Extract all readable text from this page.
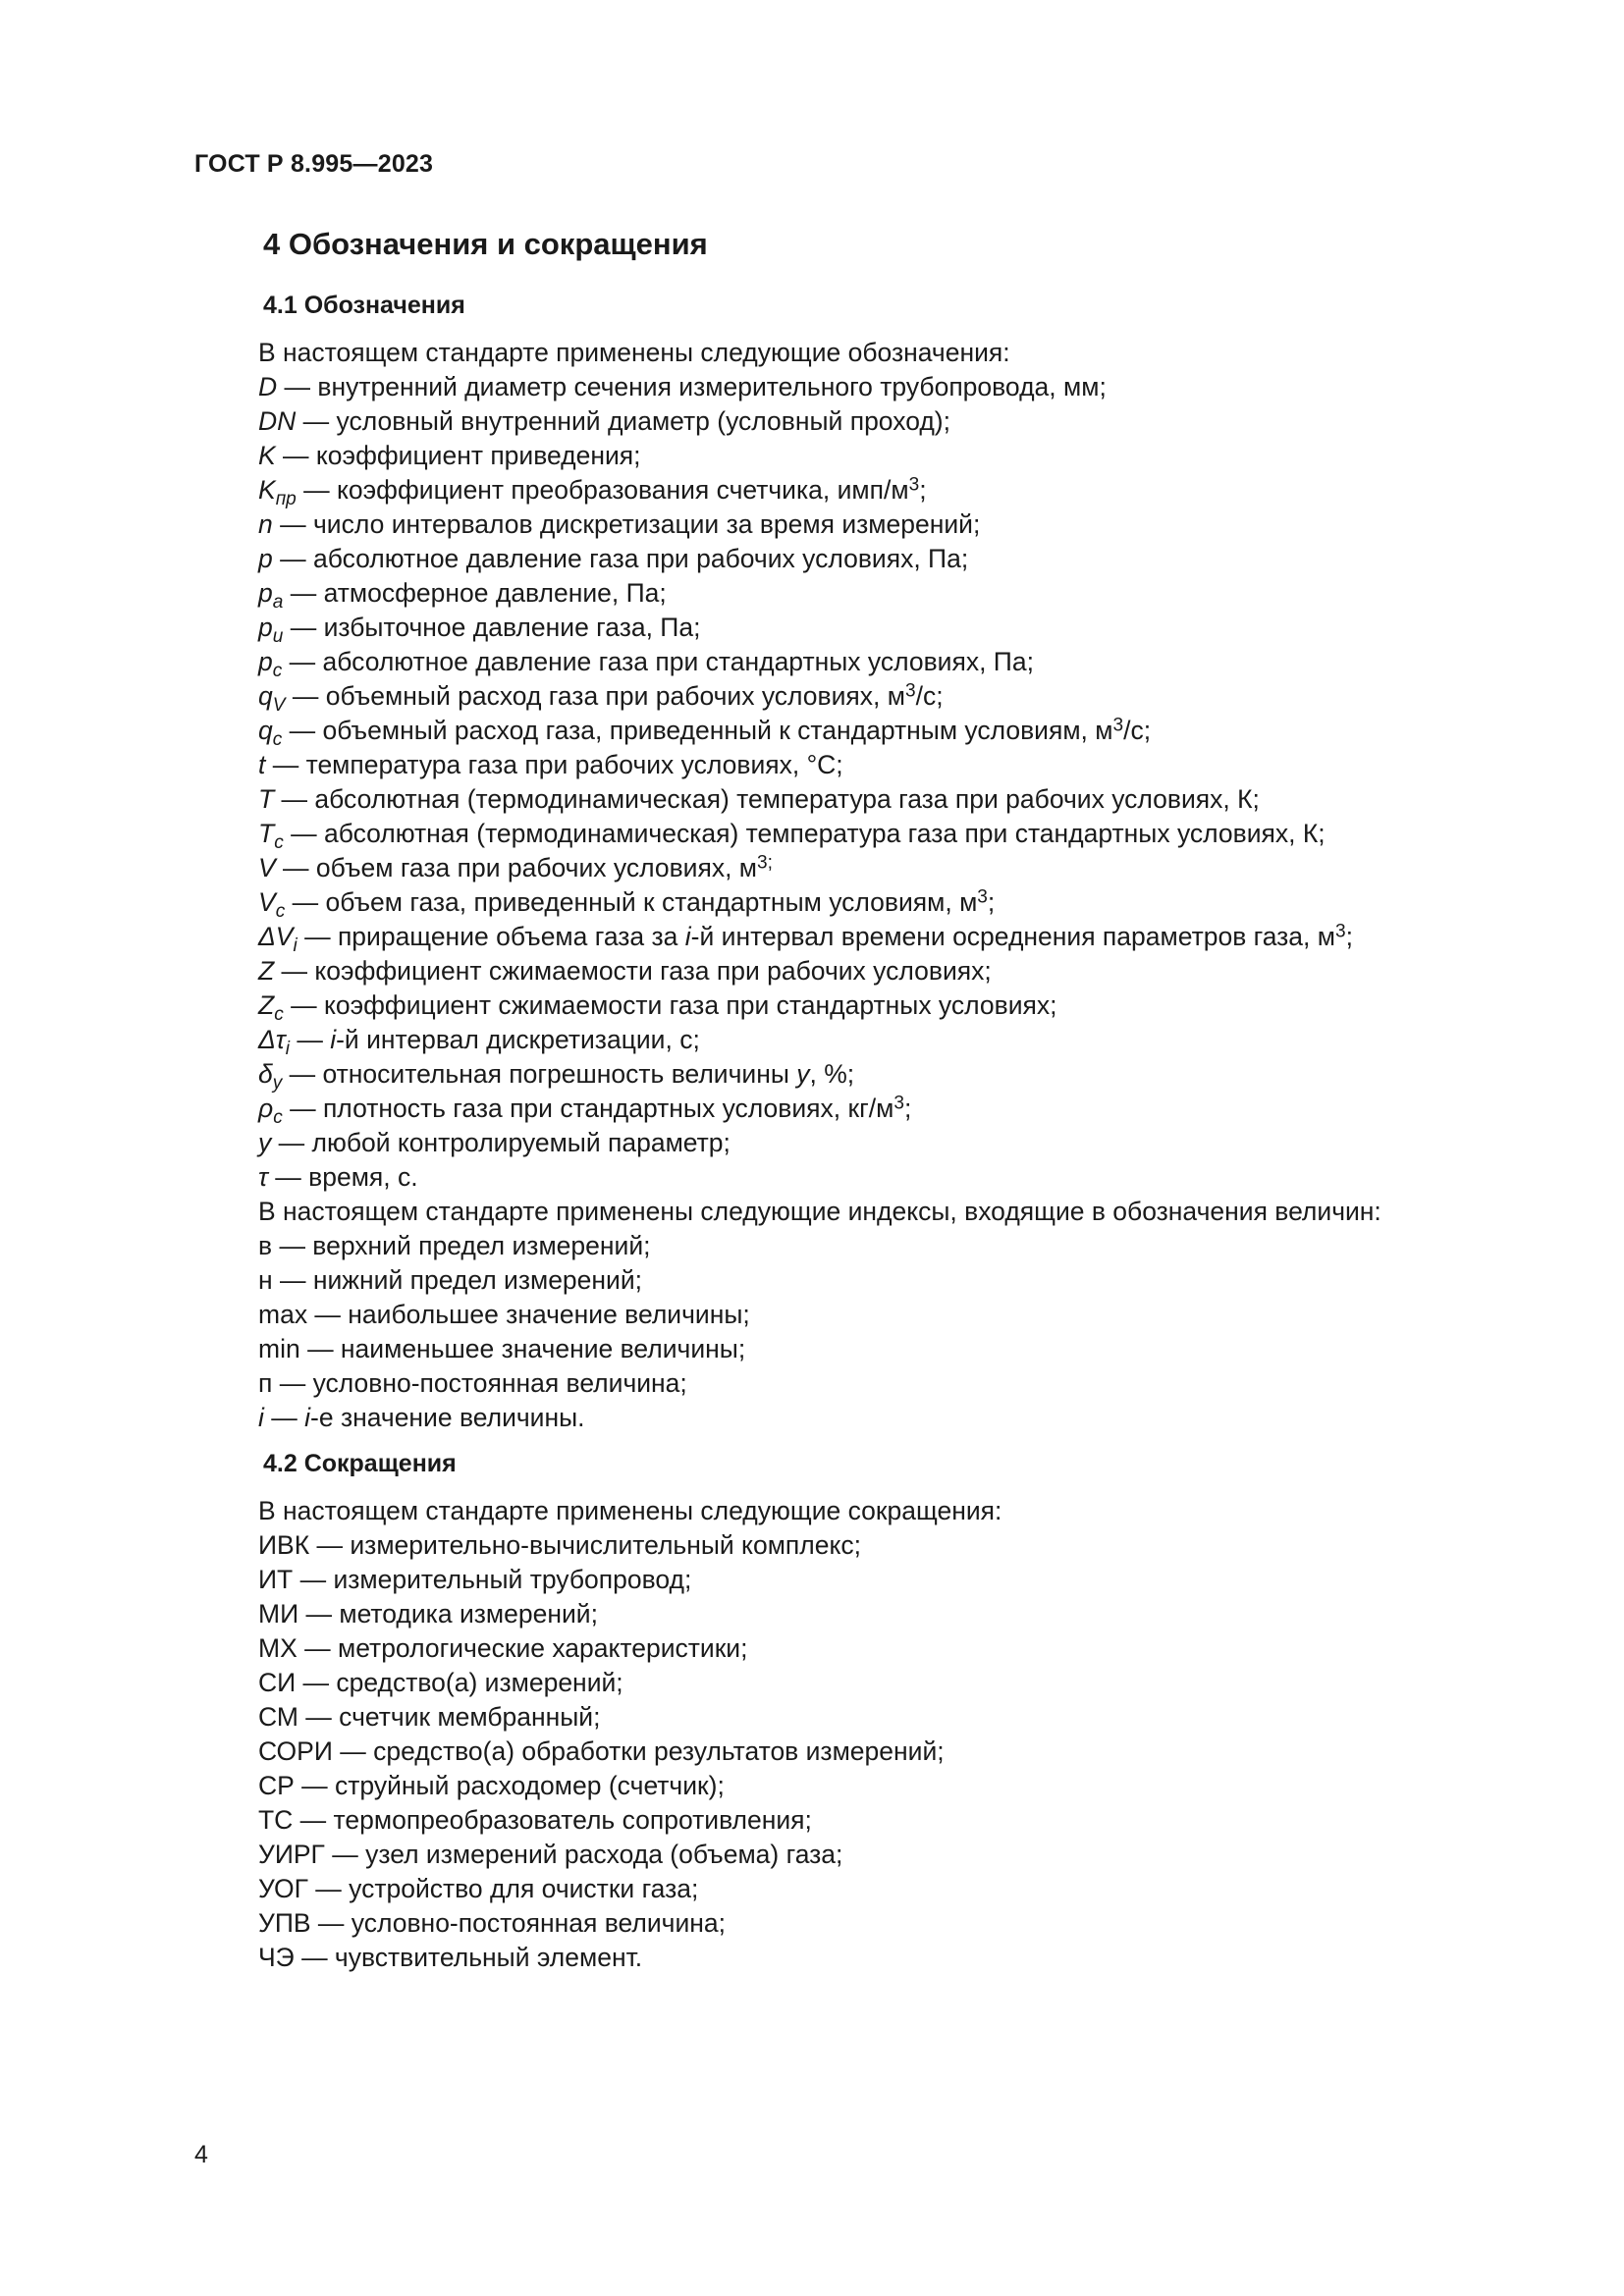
ГОСТ Р 8.995—2023
4 Обозначения и сокращения
4.1 Обозначения
В настоящем стандарте применены следующие обозначения:
D — внутренний диаметр сечения измерительного трубопровода, мм;
DN — условный внутренний диаметр (условный проход);
K — коэффициент приведения;
$K_{пр}$ — коэффициент преобразования счетчика, имп/$м^3$;
n — число интервалов дискретизации за время измерений;
p — абсолютное давление газа при рабочих условиях, Па;
$p_а$ — атмосферное давление, Па;
$p_и$ — избыточное давление газа, Па;
$p_с$ — абсолютное давление газа при стандартных условиях, Па;
$q_V$ — объемный расход газа при рабочих условиях, $м^3/с$;
$q_с$ — объемный расход газа, приведенный к стандартным условиям, $м^3/с$;
t — температура газа при рабочих условиях, °С;
T — абсолютная (термодинамическая) температура газа при рабочих условиях, К;
$T_с$ — абсолютная (термодинамическая) температура газа при стандартных условиях, К;
V — объем газа при рабочих условиях, $м^{3;}$
$V_с$ — объем газа, приведенный к стандартным условиям, $м^3$;
$\Delta V_i$ — приращение объема газа за i-й интервал времени осреднения параметров газа, $м^3$;
Z — коэффициент сжимаемости газа при рабочих условиях;
$Z_с$ — коэффициент сжимаемости газа при стандартных условиях;
$\Delta\tau_i$ — i-й интервал дискретизации, с;
$\delta_y$ — относительная погрешность величины y, %;
$\rho_с$ — плотность газа при стандартных условиях, $кг/м^3$;
y — любой контролируемый параметр;
τ — время, с.
В настоящем стандарте применены следующие индексы, входящие в обозначения величин:
в — верхний предел измерений;
н — нижний предел измерений;
max — наибольшее значение величины;
min — наименьшее значение величины;
п — условно-постоянная величина;
i — i-е значение величины.
4.2 Сокращения
В настоящем стандарте применены следующие сокращения:
ИВК — измерительно-вычислительный комплекс;
ИТ — измерительный трубопровод;
МИ — методика измерений;
МХ — метрологические характеристики;
СИ — средство(а) измерений;
СМ — счетчик мембранный;
СОРИ — средство(а) обработки результатов измерений;
СР — струйный расходомер (счетчик);
ТС — термопреобразователь сопротивления;
УИРГ — узел измерений расхода (объема) газа;
УОГ — устройство для очистки газа;
УПВ — условно-постоянная величина;
ЧЭ — чувствительный элемент.
4
